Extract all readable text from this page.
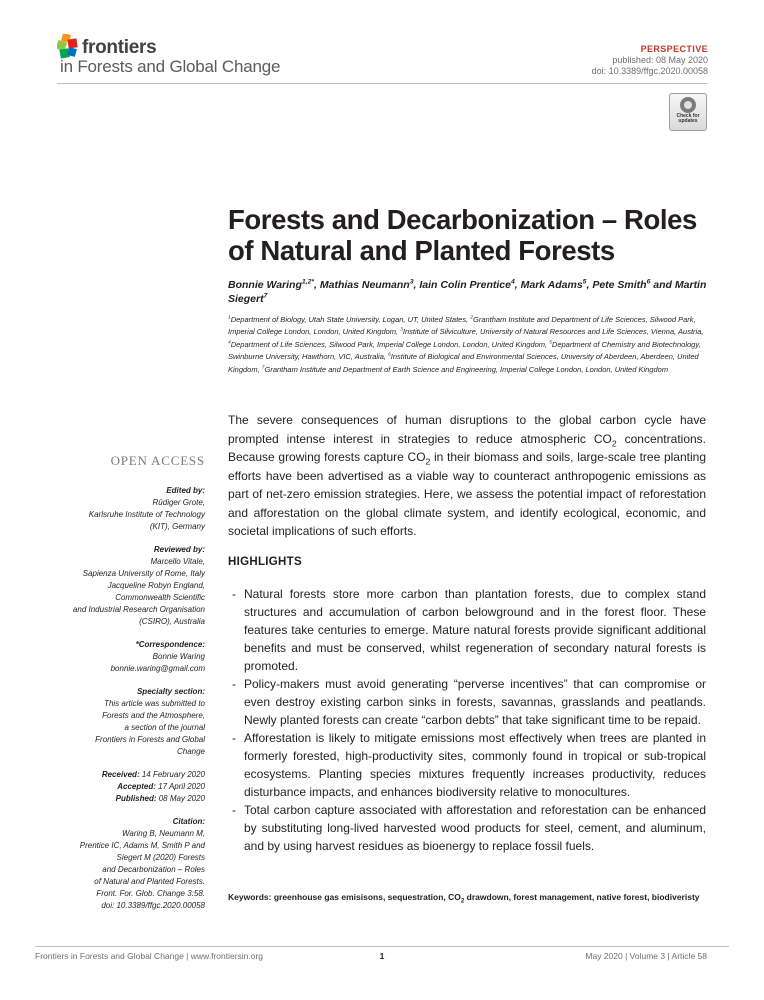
frontiers
in Forests and Global Change
PERSPECTIVE
published: 08 May 2020
doi: 10.3389/ffgc.2020.00058
Check for
updates
Forests and Decarbonization – Roles of Natural and Planted Forests
Bonnie Waring$^{1,2*}$, Mathias Neumann$^3$, Iain Colin Prentice$^4$, Mark Adams$^5$, Pete Smith$^6$ and Martin Siegert$^7$
$^1$Department of Biology, Utah State University, Logan, UT, United States, $^2$Grantham Institute and Department of Life Sciences, Silwood Park, Imperial College London, London, United Kingdom, $^3$Institute of Silviculture, University of Natural Resources and Life Sciences, Vienna, Austria, $^4$Department of Life Sciences, Silwood Park, Imperial College London, London, United Kingdom, $^5$Department of Chemistry and Biotechnology, Swinburne University, Hawthorn, VIC, Australia, $^6$Institute of Biological and Environmental Sciences, University of Aberdeen, Aberdeen, United Kingdom, $^7$Grantham Institute and Department of Earth Science and Engineering, Imperial College London, London, United Kingdom
OPEN ACCESS
Edited by:
Rüdiger Grote,
Karlsruhe Institute of Technology
(KIT), Germany
Reviewed by:
Marcello Vitale,
Sapienza University of Rome, Italy
Jacqueline Robyn England,
Commonwealth Scientific
and Industrial Research Organisation
(CSIRO), Australia
*Correspondence:
Bonnie Waring
bonnie.waring@gmail.com
Specialty section:
This article was submitted to
Forests and the Atmosphere,
a section of the journal
Frontiers in Forests and Global
Change
Received: 14 February 2020
Accepted: 17 April 2020
Published: 08 May 2020
Citation:
Waring B, Neumann M,
Prentice IC, Adams M, Smith P and
Siegert M (2020) Forests
and Decarbonization – Roles
of Natural and Planted Forests.
Front. For. Glob. Change 3:58.
doi: 10.3389/ffgc.2020.00058
The severe consequences of human disruptions to the global carbon cycle have prompted intense interest in strategies to reduce atmospheric $CO_2$ concentrations. Because growing forests capture $CO_2$ in their biomass and soils, large-scale tree planting efforts have been advertised as a viable way to counteract anthropogenic emissions as part of net-zero emission strategies. Here, we assess the potential impact of reforestation and afforestation on the global climate system, and identify ecological, economic, and societal implications of such efforts.
HIGHLIGHTS
- Natural forests store more carbon than plantation forests, due to complex stand structures and accumulation of carbon belowground and in the forest floor. These features take centuries to emerge. Mature natural forests provide significant additional benefits and must be conserved, whilst regeneration of secondary natural forests is promoted.
- Policy-makers must avoid generating “perverse incentives” that can compromise or even destroy existing carbon sinks in forests, savannas, grasslands and peatlands. Newly planted forests can create “carbon debts” that take significant time to be repaid.
- Afforestation is likely to mitigate emissions most effectively when trees are planted in formerly forested, high-productivity sites, commonly found in tropical or sub-tropical ecosystems. Planting species mixtures frequently increases productivity, reduces disturbance impacts, and enhances biodiversity relative to monocultures.
- Total carbon capture associated with afforestation and reforestation can be enhanced by substituting long-lived harvested wood products for steel, cement, and aluminum, and by using harvest residues as bioenergy to replace fossil fuels.
Keywords: greenhouse gas emisisons, sequestration, $CO_2$ drawdown, forest management, native forest, biodiveristy
Frontiers in Forests and Global Change | www.frontiersin.org	1	May 2020 | Volume 3 | Article 58
